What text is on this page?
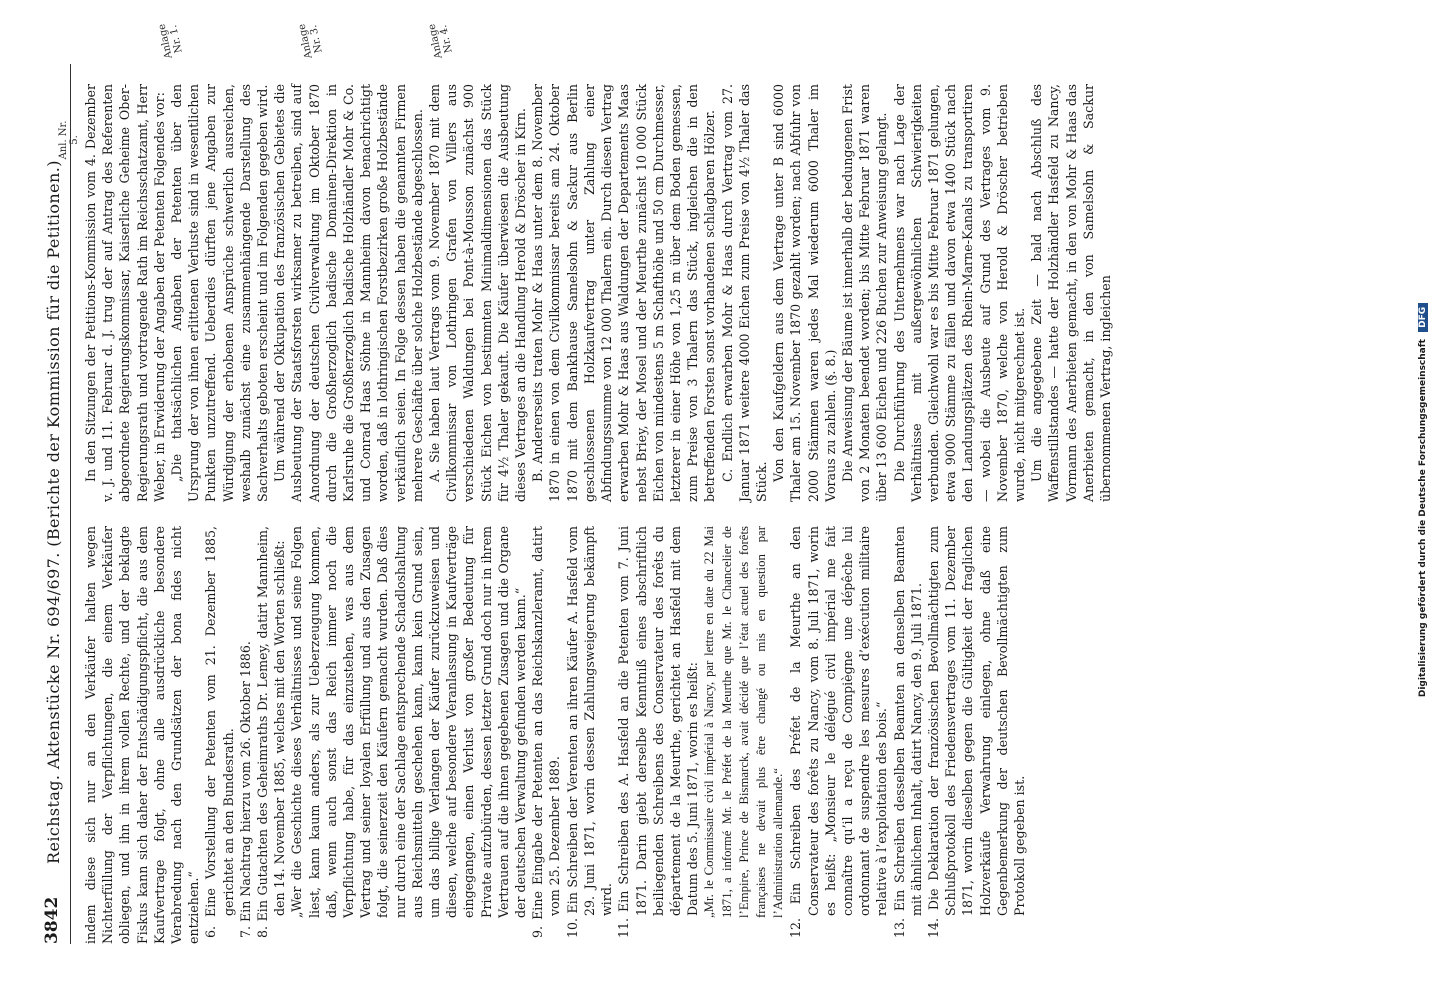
3842
Reichstag. Aktenstücke Nr. 694/697. (Berichte der Kommission für die Petitionen.) indem diese sich nur an den Verkäufer halten wegen Nichterfüllung der Verpflichtungen, die einem Verkäufer obliegen, und ihn in ihrem vollen Rechte, und der beklagte Fiskus kann sich daher der Entschädigungspflicht, die aus dem Kaufvertrage folgt, ohne alle ausdrückliche besondere Verabredung nach den Grundsätzen der bona fides nicht entziehen.“ 6. Eine Vorstellung der Petenten vom 21. Dezember 1885, gerichtet an den Bundesrath. 7. Ein Nachtrag hierzu vom 26. Oktober 1886. 8. Ein Gutachten des Geheimraths Dr. Lemey, datirt Mannheim, den 14. November 1885, welches mit den Worten schließt: „Wer die Geschichte dieses Verhältnisses und seine Folgen liest, kann kaum anders, als zur Ueberzeugung kommen, daß, wenn auch sonst das Reich immer noch die Verpflichtung habe, für das einzustehen, was aus dem Vertrag und seiner loyalen Erfüllung und aus den Zusagen folgt, die seinerzeit den Käufern gemacht wurden. Daß dies nur durch eine der Sachlage entsprechende Schadloshaltung aus Reichsmitteln geschehen kann, kann kein Grund sein, um das billige Verlangen der Käufer zurückzuweisen und diesen, welche auf besondere Veranlassung in Kaufverträge eingegangen, einen Verlust von großer Bedeutung für Private aufzubürden, dessen letzter Grund doch nur in ihrem Vertrauen auf die ihnen gegebenen Zusagen und die Organe der deutschen Verwaltung gefunden werden kann.“ 9. Eine Eingabe der Petenten an das Reichskanzleramt, datirt vom 25. Dezember 1889. 10. Ein Schreiben der Verenten an ihren Käufer A. Hasfeld vom 29. Juni 1871, worin dessen Zahlungsweigerung bekämpft wird. 11. Ein Schreiben des A. Hasfeld an die Petenten vom 7. Juni 1871. Darin giebt derselbe Kenntniß eines abschriftlich beiliegenden Schreibens des Conservateur des forêts du département de la Meurthe, gerichtet an Hasfeld mit dem Datum des 5. Juni 1871, worin es heißt: „Mr. le Commissaire civil impérial à Nancy, par lettre en date du 22 Mai 1871, a informé Mr. le Préfet de la Meurthe que Mr. le Chancelier de l’Empire, Prince de Bismarck, avait décidé que l’état actuel des forêts françaises ne devait plus être changé ou mis en question par l’Administration allemande.“ 12. Ein Schreiben des Préfet de la Meurthe an den Conservateur des forêts zu Nancy, vom 8. Juli 1871, worin es heißt: „Monsieur le délégué civil impérial me fait connaître qu’il a reçu de Compiègne une dépêche lui ordonnant de suspendre les mesures d’exécution militaire relative à l’exploitation des bois.“ 13. Ein Schreiben desselben Beamten an denselben Beamten mit ähnlichem Inhalt, datirt Nancy, den 9. Juli 1871. 14. Die Deklaration der französischen Bevollmächtigten zum Schlußprotokoll des Friedensvertrages vom 11. Dezember 1871, worin dieselben gegen die Gültigkeit der fraglichen Holzverkäufe Verwahrung einlegen, ohne daß eine Gegenbemerkung der deutschen Bevollmächtigten zum Protokoll gegeben ist.
In den Sitzungen der Petitions-Kommission vom 4. Dezember v. J. und 11. Februar d. J. trug der auf Antrag des Referenten abgeordnete Regierungskommissar, Kaiserliche Geheime Ober-Regierungsrath und vortragende Rath im Reichsschatzamt, Herr Weber, in Erwiderung der Angaben der Petenten Folgendes vor: „Die thatsächlichen Angaben der Petenten über den Ursprung der von ihnen erlittenen Verluste sind in wesentlichen Punkten unzutreffend. Ueberdies dürften jene Angaben zur Würdigung der erhobenen Ansprüche schwerlich ausreichen, weshalb zunächst eine zusammenhängende Darstellung des Sachverhalts geboten erscheint und im Folgenden gegeben wird. Um während der Okkupation des französischen Gebietes die Ausbeutung der Staatsforsten wirksamer zu betreiben, sind auf Anordnung der deutschen Civilverwaltung im Oktober 1870 durch die Großherzoglich badische Domainen-Direktion in Karlsruhe die Großherzoglich badische Holzhändler Mohr & Co. und Conrad Haas Söhne in Mannheim davon benachrichtigt worden, daß in lothringischen Forstbezirken große Holzbestände verkäuflich seien. In Folge dessen haben die genannten Firmen mehrere Geschäfte über solche Holzbestände abgeschlossen. A. Sie haben laut Vertrags vom 9. November 1870 mit dem Civilkommissar von Lothringen Grafen von Villers aus verschiedenen Waldungen bei Pont-à-Mousson zunächst 900 Stück Eichen von bestimmten Minimaldimensionen das Stück für 4½ Thaler gekauft. Die Käufer überwiesen die Ausbeutung dieses Vertrages an die Handlung Herold & Dröscher in Kirn. B. Andererseits traten Mohr & Haas unter dem 8. November 1870 in einen von dem Civilkommissar bereits am 24. Oktober 1870 mit dem Bankhause Samelsohn & Sackur aus Berlin geschlossenen Holzkaufvertrag unter Zahlung einer Abfindungssumme von 12 000 Thalern ein. Durch diesen Vertrag erwarben Mohr & Haas aus Waldungen der Departements Maas nebst Briey, der Mosel und der Meurthe zunächst 10 000 Stück Eichen von mindestens 5 m Schafthöhe und 50 cm Durchmesser, letzterer in einer Höhe von 1,25 m über dem Boden gemessen, zum Preise von 3 Thalern das Stück, ingleichen die in den betreffenden Forsten sonst vorhandenen schlagbaren Hölzer. C. Endlich erwarben Mohr & Haas durch Vertrag vom 27. Januar 1871 weitere 4000 Eichen zum Preise von 4½ Thaler das Stück. Von den Kaufgeldern aus dem Vertrage unter B sind 6000 Thaler am 15. November 1870 gezahlt worden; nach Abfuhr von 2000 Stämmen waren jedes Mal wiederum 6000 Thaler im Voraus zu zahlen. (§. 8.) Die Anweisung der Bäume ist innerhalb der bedungenen Frist von 2 Monaten beendet worden; bis Mitte Februar 1871 waren über 13 600 Eichen und 226 Buchen zur Anweisung gelangt. Die Durchführung des Unternehmens war nach Lage der Verhältnisse mit außergewöhnlichen Schwierigkeiten verbunden. Gleichwohl war es bis Mitte Februar 1871 gelungen, etwa 9000 Stämme zu fällen und davon etwa 1400 Stück nach den Landungsplätzen des Rhein-Marne-Kanals zu transportiren — wobei die Ausbeute auf Grund des Vertrages vom 9. November 1870, welche von Herold & Dröscher betrieben wurde, nicht mitgerechnet ist. Um die angegebene Zeit — bald nach Abschluß des Waffenstillstandes — hatte der Holzhändler Hasfeld zu Nancy, Vormann des Anerbieten gemacht, in den von Mohr & Haas das Anerbieten gemacht, in den von Samelsohn & Sackur übernommenen Vertrag, ingleichen
Anl. Nr. 5.
Anlage Nr. 1.	Anlage Nr. 3.	Anlage Nr. 4.
Digitalisierung gefördert durch die Deutsche Forschungsgemeinschaft DFG
